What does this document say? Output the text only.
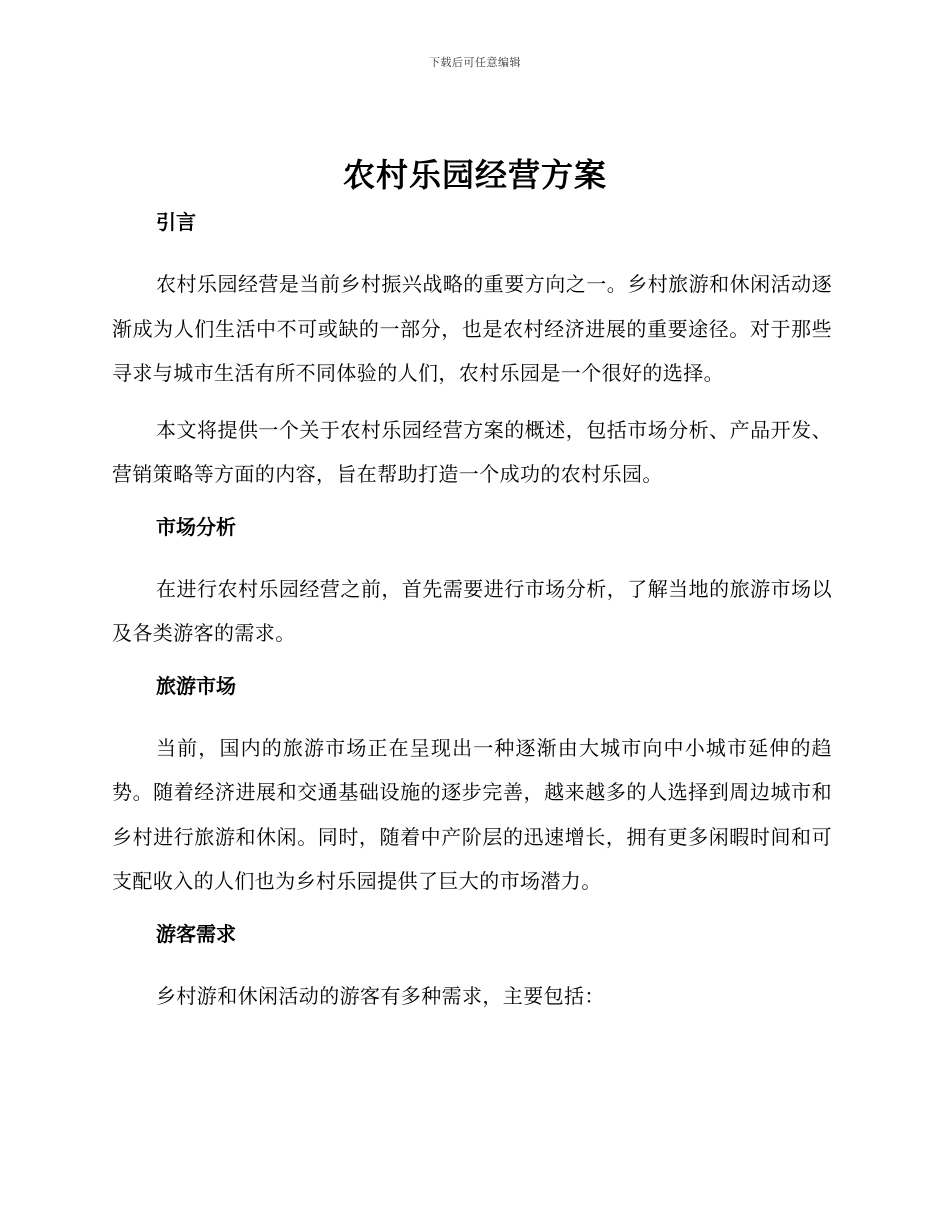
下载后可任意编辑
农村乐园经营方案
引言

农村乐园经营是当前乡村振兴战略的重要方向之一。乡村旅游和休闲活动逐渐成为人们生活中不可或缺的一部分，也是农村经济进展的重要途径。对于那些寻求与城市生活有所不同体验的人们，农村乐园是一个很好的选择。

本文将提供一个关于农村乐园经营方案的概述，包括市场分析、产品开发、营销策略等方面的内容，旨在帮助打造一个成功的农村乐园。

市场分析

在进行农村乐园经营之前，首先需要进行市场分析，了解当地的旅游市场以及各类游客的需求。

旅游市场

当前，国内的旅游市场正在呈现出一种逐渐由大城市向中小城市延伸的趋势。随着经济进展和交通基础设施的逐步完善，越来越多的人选择到周边城市和乡村进行旅游和休闲。同时，随着中产阶层的迅速增长，拥有更多闲暇时间和可支配收入的人们也为乡村乐园提供了巨大的市场潜力。

游客需求

乡村游和休闲活动的游客有多种需求，主要包括：
